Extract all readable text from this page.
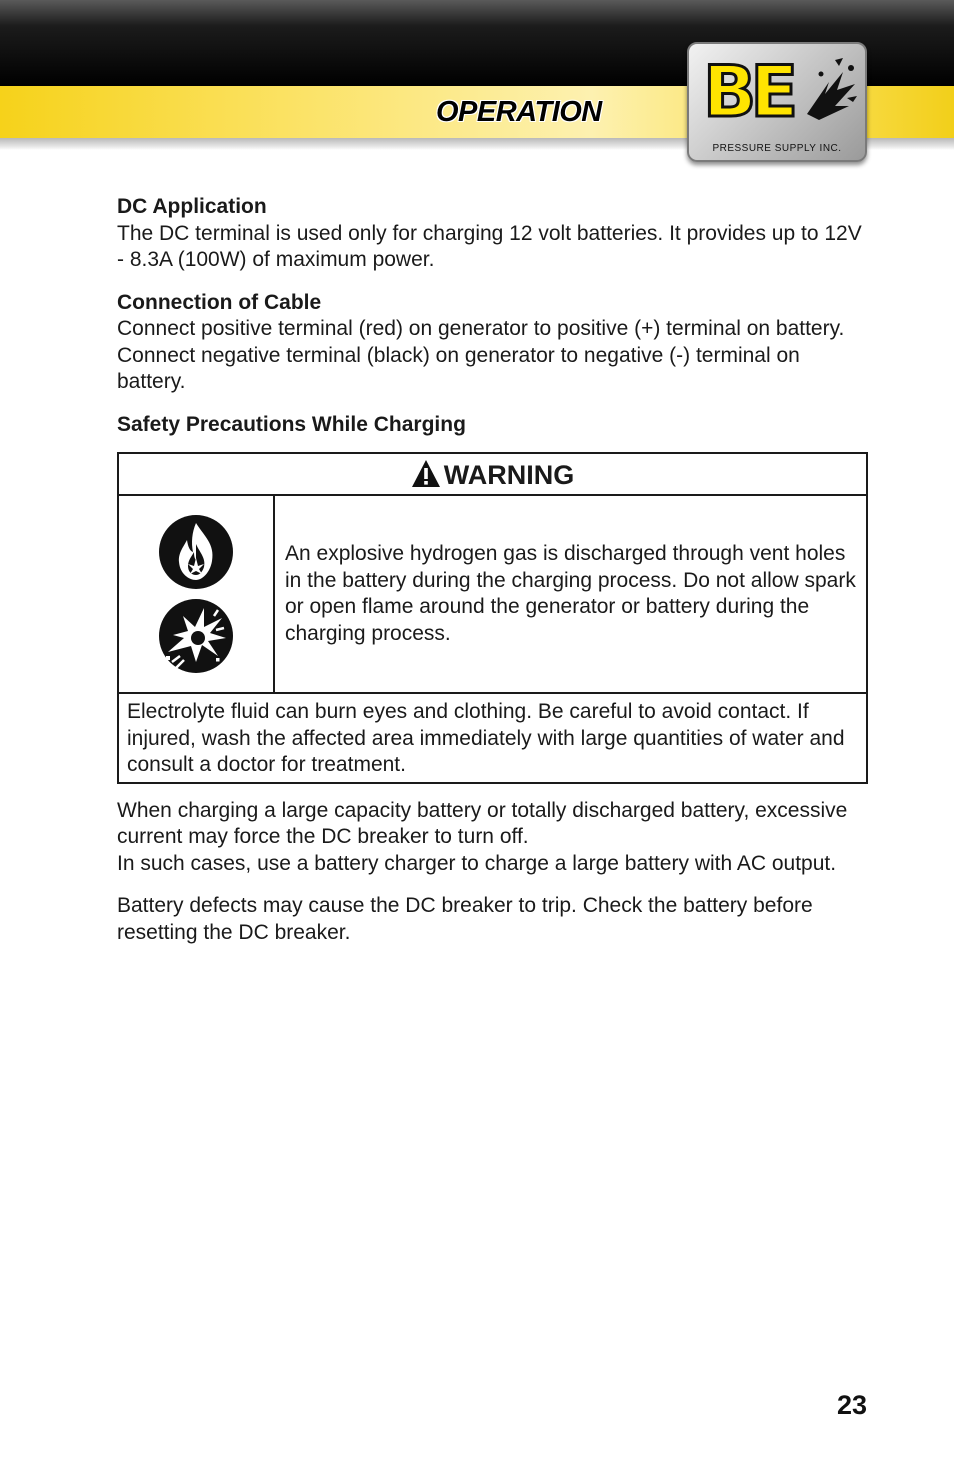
OPERATION BE
PRESSURE SUPPLY INC.

DC Application

The DC terminal is used only for charging 12 volt batteries. It provides up to 12V - 8.3A (100W) of maximum power.

Connection of Cable

Connect positive terminal (red) on generator to positive (+) terminal on battery.

Connect negative terminal (black) on generator to negative (-) terminal on battery.

Safety Precautions While Charging

WARNING

	An explosive hydrogen gas is discharged through vent holes in the battery during the charging process. Do not allow spark or open flame around the generator or battery during the charging process.
Electrolyte fluid can burn eyes and clothing. Be careful to avoid contact. If injured, wash the affected area immediately with large quantities of water and consult a doctor for treatment.

When charging a large capacity battery or totally discharged battery, excessive current may force the DC breaker to turn off.

In such cases, use a battery charger to charge a large battery with AC output.

Battery defects may cause the DC breaker to trip. Check the battery before resetting the DC breaker.

23
